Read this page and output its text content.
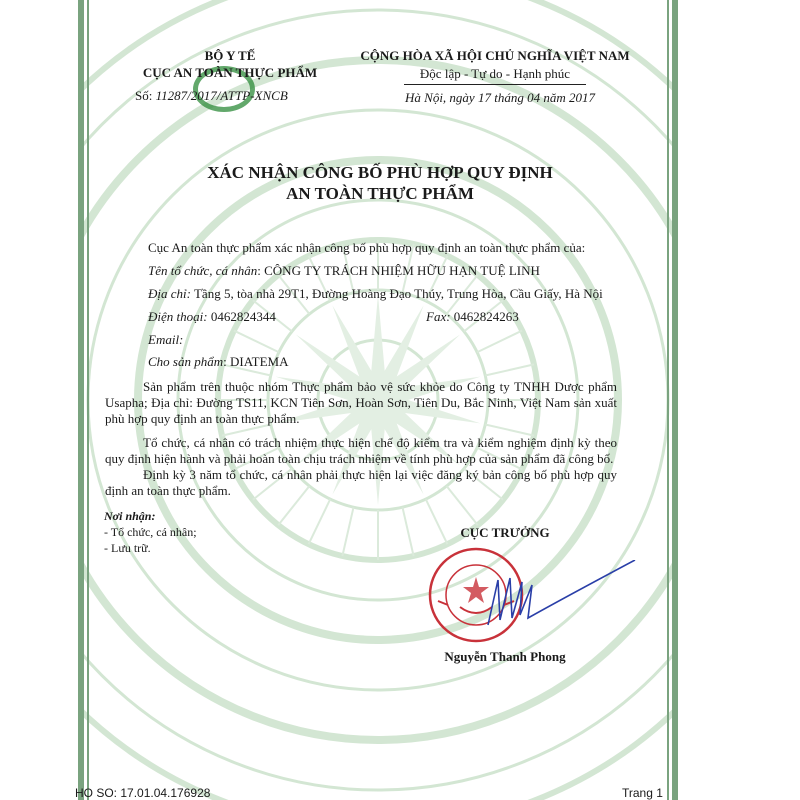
BỘ Y TẾ
CỤC AN TOÀN THỰC PHẨM
Số: 11287/2017/ATTP-XNCB
CỘNG HÒA XÃ HỘI CHỦ NGHĨA VIỆT NAM
Độc lập - Tự do - Hạnh phúc
Hà Nội, ngày 17 tháng 04 năm 2017
XÁC NHẬN CÔNG BỐ PHÙ HỢP QUY ĐỊNH
AN TOÀN THỰC PHẨM
Cục An toàn thực phẩm xác nhận công bố phù hợp quy định an toàn thực phẩm của:
Tên tổ chức, cá nhân: CÔNG TY TRÁCH NHIỆM HỮU HẠN TUỆ LINH
Địa chỉ: Tầng 5, tòa nhà 29T1, Đường Hoàng Đạo Thúy, Trung Hòa, Cầu Giấy, Hà Nội
Điện thoại: 0462824344	Fax: 0462824263
Email:
Cho sản phẩm: DIATEMA
Sản phẩm trên thuộc nhóm Thực phẩm bảo vệ sức khỏe do Công ty TNHH Dược phẩm Usapha; Địa chỉ: Đường TS11, KCN Tiên Sơn, Hoàn Sơn, Tiên Du, Bắc Ninh, Việt Nam sản xuất phù hợp quy định an toàn thực phẩm.
Tổ chức, cá nhân có trách nhiệm thực hiện chế độ kiểm tra và kiểm nghiệm định kỳ theo quy định hiện hành và phải hoàn toàn chịu trách nhiệm về tính phù hợp của sản phẩm đã công bố.
Định kỳ 3 năm tổ chức, cá nhân phải thực hiện lại việc đăng ký bản công bố phù hợp quy định an toàn thực phẩm.
Nơi nhận:
- Tổ chức, cá nhân;
- Lưu trữ.
CỤC TRƯỞNG
Nguyễn Thanh Phong
HO SO: 17.01.04.176928	Trang 1
